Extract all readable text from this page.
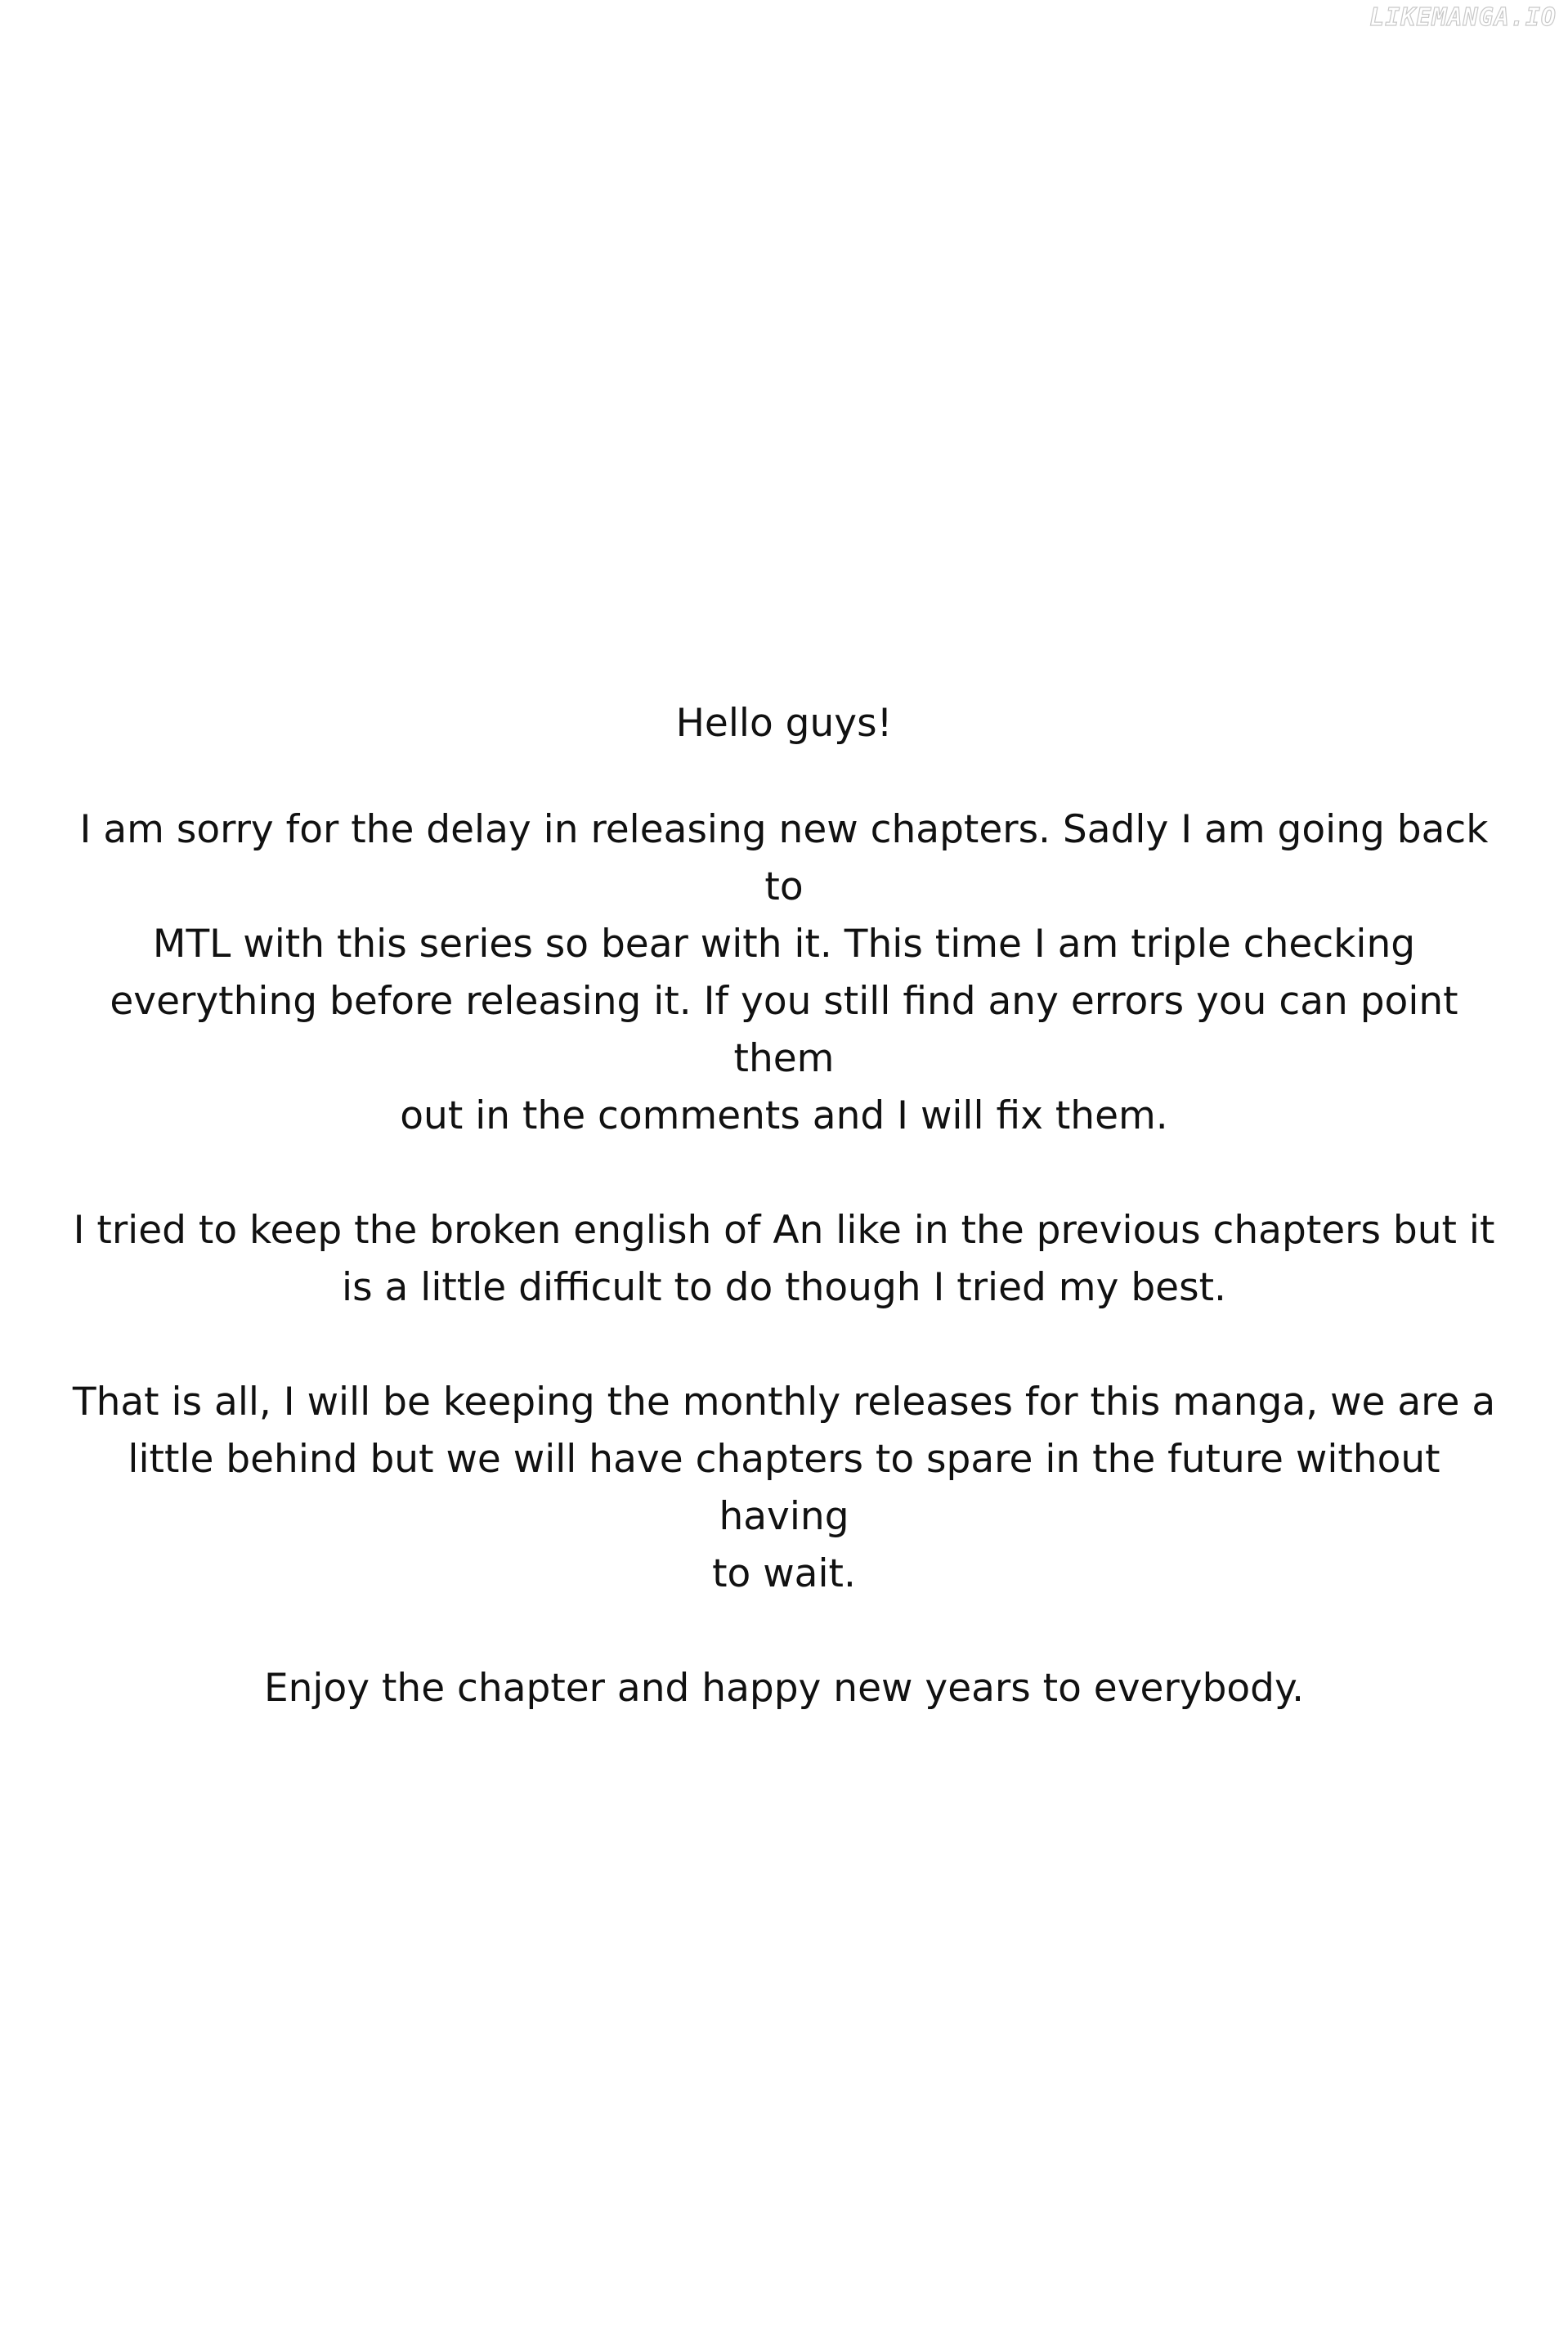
LIKEMANGA.IO

Hello guys!

I am sorry for the delay in releasing new chapters. Sadly I am going back to
MTL with this series so bear with it. This time I am triple checking
everything before releasing it. If you still find any errors you can point them
out in the comments and I will fix them.

I tried to keep the broken english of An like in the previous chapters but it
is a little difficult to do though I tried my best.

That is all, I will be keeping the monthly releases for this manga, we are a
little behind but we will have chapters to spare in the future without having
to wait.

Enjoy the chapter and happy new years to everybody.
